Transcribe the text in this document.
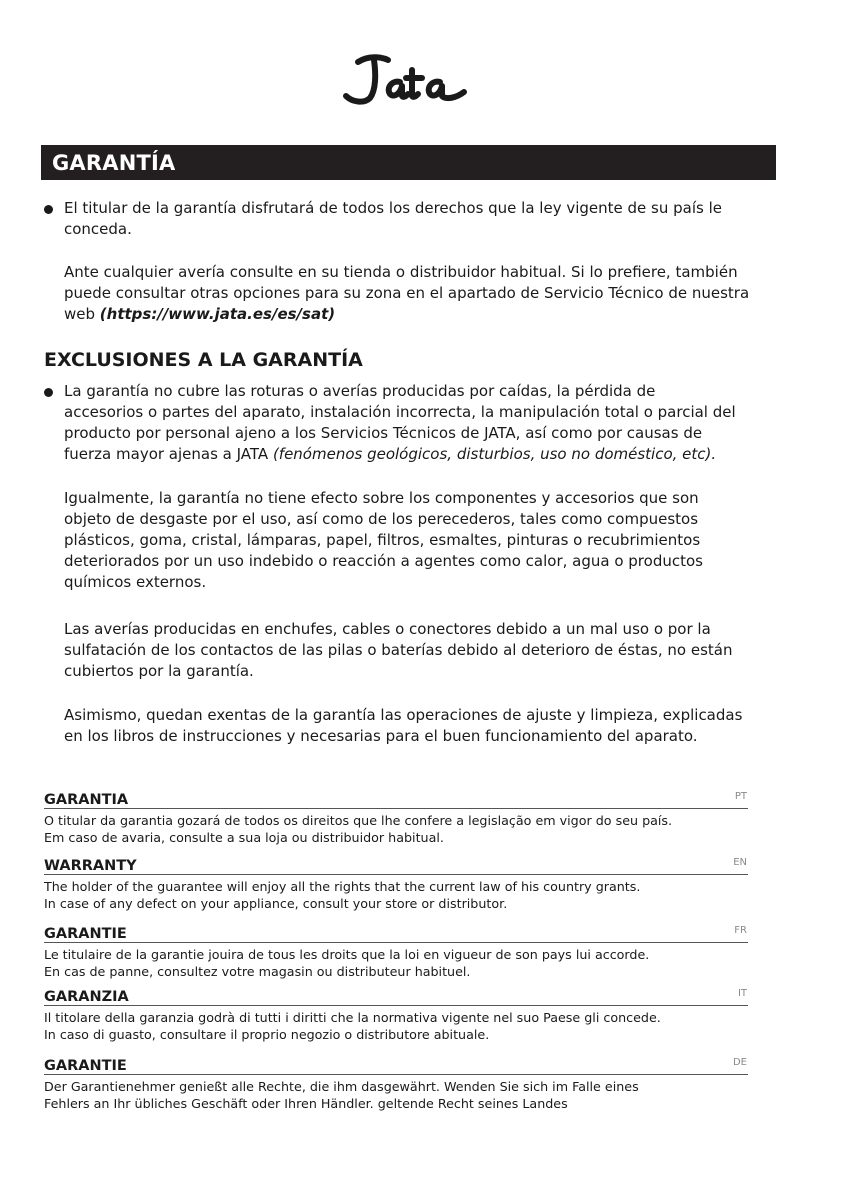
GARANTÍA

El titular de la garantía disfrutará de todos los derechos que la ley vigente de su país le
conceda.

Ante cualquier avería consulte en su tienda o distribuidor habitual. Si lo prefiere, también
puede consultar otras opciones para su zona en el apartado de Servicio Técnico de nuestra
web (https://www.jata.es/es/sat)

EXCLUSIONES A LA GARANTÍA

La garantía no cubre las roturas o averías producidas por caídas, la pérdida de
accesorios o partes del aparato, instalación incorrecta, la manipulación total o parcial del
producto por personal ajeno a los Servicios Técnicos de JATA, así como por causas de
fuerza mayor ajenas a JATA (fenómenos geológicos, disturbios, uso no doméstico, etc).

Igualmente, la garantía no tiene efecto sobre los componentes y accesorios que son
objeto de desgaste por el uso, así como de los perecederos, tales como compuestos
plásticos, goma, cristal, lámparas, papel, filtros, esmaltes, pinturas o recubrimientos
deteriorados por un uso indebido o reacción a agentes como calor, agua o productos
químicos externos.

Las averías producidas en enchufes, cables o conectores debido a un mal uso o por la
sulfatación de los contactos de las pilas o baterías debido al deterioro de éstas, no están
cubiertos por la garantía.

Asimismo, quedan exentas de la garantía las operaciones de ajuste y limpieza, explicadas
en los libros de instrucciones y necesarias para el buen funcionamiento del aparato.

GARANTIA	PT
O titular da garantia gozará de todos os direitos que lhe confere a legislação em vigor do seu país.
Em caso de avaria, consulte a sua loja ou distribuidor habitual.
WARRANTY	EN
The holder of the guarantee will enjoy all the rights that the current law of his country grants.
In case of any defect on your appliance, consult your store or distributor.
GARANTIE	FR
Le titulaire de la garantie jouira de tous les droits que la loi en vigueur de son pays lui accorde.
En cas de panne, consultez votre magasin ou distributeur habituel.
GARANZIA	IT
Il titolare della garanzia godrà di tutti i diritti che la normativa vigente nel suo Paese gli concede.
In caso di guasto, consultare il proprio negozio o distributore abituale.
GARANTIE	DE
Der Garantienehmer genießt alle Rechte, die ihm dasgewährt. Wenden Sie sich im Falle eines
Fehlers an Ihr übliches Geschäft oder Ihren Händler. geltende Recht seines Landes
